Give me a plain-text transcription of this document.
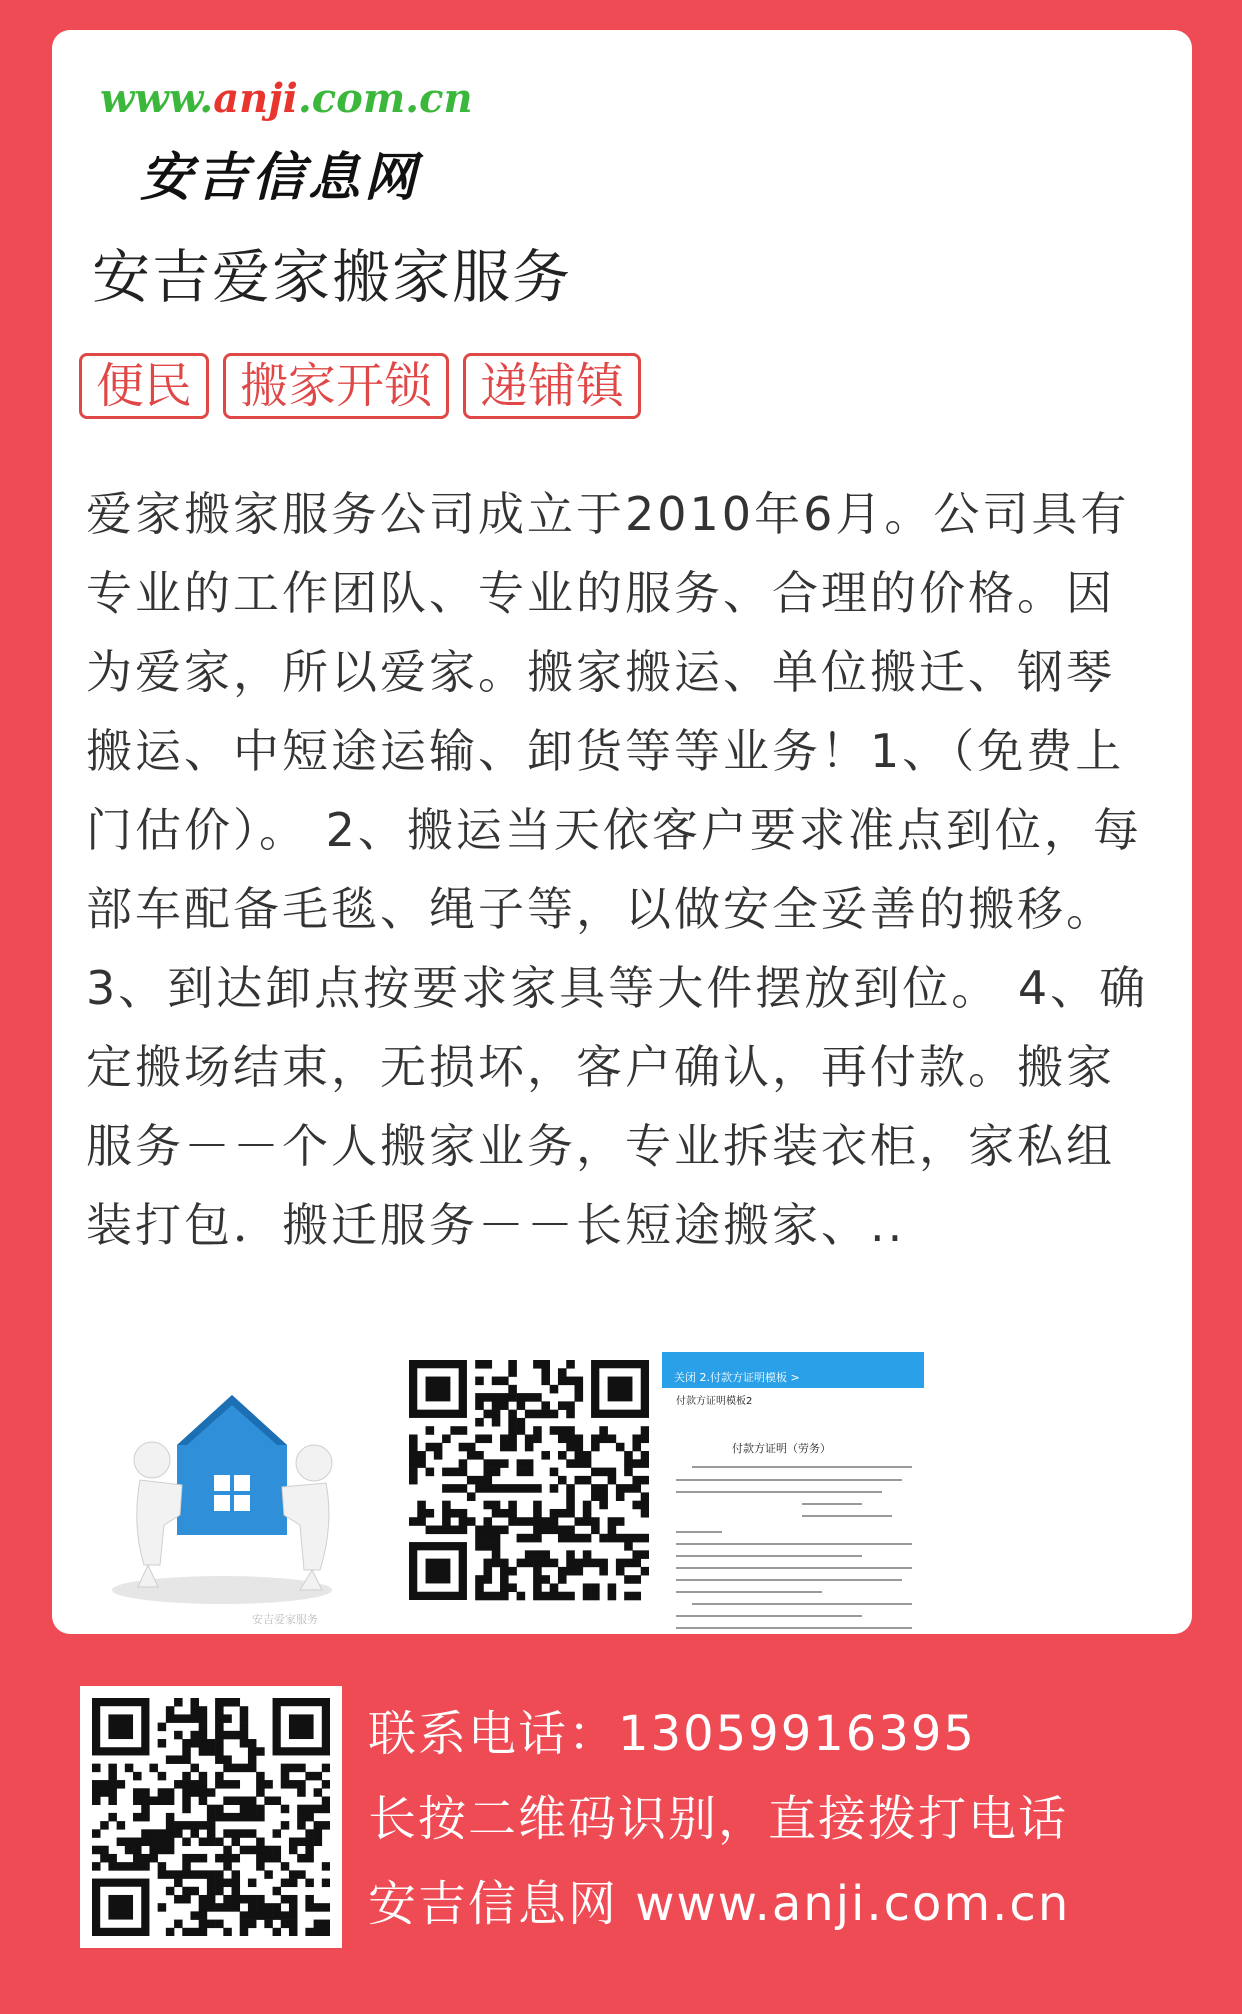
www.anji.com.cn
安吉信息网
安吉爱家搬家服务
便民	搬家开锁	递铺镇

爱家搬家服务公司成立于2010年6月。公司具有专业的工作团队、专业的服务、合理的价格。因为爱家，所以爱家。搬家搬运、单位搬迁、钢琴搬运、中短途运输、卸货等等业务！1、（免费上门估价）。 2、搬运当天依客户要求准点到位，每部车配备毛毯、绳子等，以做安全妥善的搬移。 3、到达卸点按要求家具等大件摆放到位。 4、确定搬场结束，无损坏，客户确认，再付款。搬家服务－－个人搬家业务，专业拆装衣柜，家私组装打包．搬迁服务－－长短途搬家、..

安吉爱家服务
关闭 2.付款方证明模板 >
付款方证明模板2
付款方证明（劳务）
联系电话：13059916395
长按二维码识别，直接拨打电话
安吉信息网 www.anji.com.cn
